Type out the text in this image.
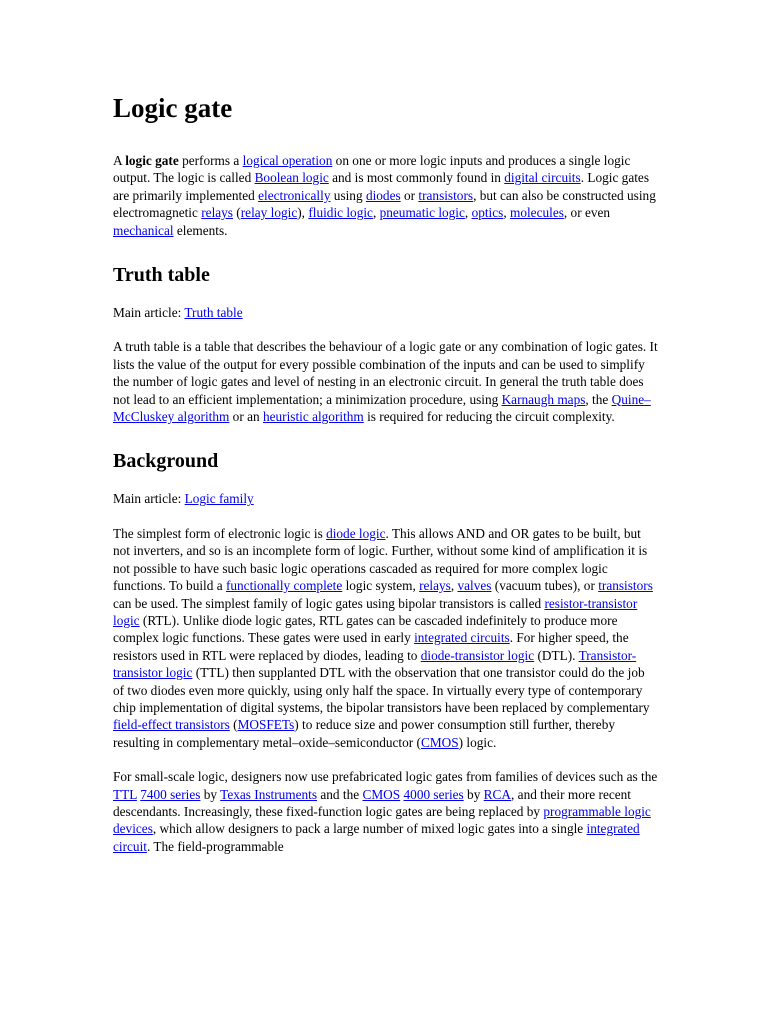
Logic gate

A logic gate performs a logical operation on one or more logic inputs and produces a single logic output. The logic is called Boolean logic and is most commonly found in digital circuits. Logic gates are primarily implemented electronically using diodes or transistors, but can also be constructed using electromagnetic relays (relay logic), fluidic logic, pneumatic logic, optics, molecules, or even mechanical elements.

Truth table

Main article: Truth table

A truth table is a table that describes the behaviour of a logic gate or any combination of logic gates. It lists the value of the output for every possible combination of the inputs and can be used to simplify the number of logic gates and level of nesting in an electronic circuit. In general the truth table does not lead to an efficient implementation; a minimization procedure, using Karnaugh maps, the Quine–McCluskey algorithm or an heuristic algorithm is required for reducing the circuit complexity.

Background

Main article: Logic family

The simplest form of electronic logic is diode logic. This allows AND and OR gates to be built, but not inverters, and so is an incomplete form of logic. Further, without some kind of amplification it is not possible to have such basic logic operations cascaded as required for more complex logic functions. To build a functionally complete logic system, relays, valves (vacuum tubes), or transistors can be used. The simplest family of logic gates using bipolar transistors is called resistor-transistor logic (RTL). Unlike diode logic gates, RTL gates can be cascaded indefinitely to produce more complex logic functions. These gates were used in early integrated circuits. For higher speed, the resistors used in RTL were replaced by diodes, leading to diode-transistor logic (DTL). Transistor-transistor logic (TTL) then supplanted DTL with the observation that one transistor could do the job of two diodes even more quickly, using only half the space. In virtually every type of contemporary chip implementation of digital systems, the bipolar transistors have been replaced by complementary field-effect transistors (MOSFETs) to reduce size and power consumption still further, thereby resulting in complementary metal–oxide–semiconductor (CMOS) logic.

For small-scale logic, designers now use prefabricated logic gates from families of devices such as the TTL 7400 series by Texas Instruments and the CMOS 4000 series by RCA, and their more recent descendants. Increasingly, these fixed-function logic gates are being replaced by programmable logic devices, which allow designers to pack a large number of mixed logic gates into a single integrated circuit. The field-programmable
